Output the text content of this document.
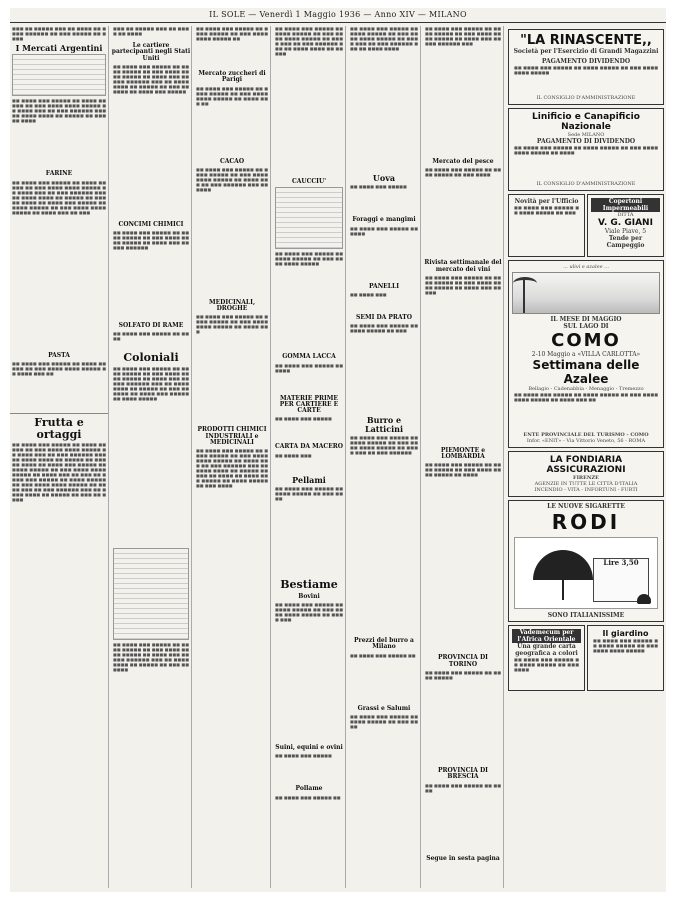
IL SOLE — Venerdì 1 Maggio 1936 — Anno XIV — MILANO
■■■ ■■ ■■■■■ ■■■ ■■ ■■■■ ■■ ■■■■ ■■■■■■ ■■ ■■■ ■■■■■ ■■ ■■■■
I Mercati Argentini
■■ ■■■■ ■■■ ■■■■■ ■■ ■■■■ ■■■■■ ■■ ■■■ ■■■■ ■■■■ ■■■■■ ■■ ■■■■ ■■■ ■■ ■■■ ■■■■■■ ■■■ ■■ ■■■■ ■■■■ ■■ ■■■■■ ■■ ■■■ ■■ ■■■■
FARINE
■■ ■■■■ ■■■ ■■■■■ ■■ ■■■■ ■■■■■ ■■ ■■■ ■■■■ ■■■■ ■■■■■ ■■ ■■■■ ■■■ ■■ ■■■ ■■■■■■ ■■■ ■■ ■■■■ ■■■■ ■■ ■■■■■ ■■ ■■■ ■■ ■■■■ ■■ ■■■■ ■■■ ■■■■■ ■■ ■■■■ ■■■■■ ■■ ■■■ ■■■■ ■■■■ ■■■■■ ■■ ■■■■ ■■■ ■■ ■■■
PASTA
■■ ■■■■ ■■■ ■■■■■ ■■ ■■■■ ■■■■■ ■■ ■■■ ■■■■ ■■■■ ■■■■■ ■■ ■■■■ ■■■ ■■
Frutta e ortaggi
■■ ■■■■ ■■■ ■■■■■ ■■ ■■■■ ■■■■■ ■■ ■■■ ■■■■ ■■■■ ■■■■■ ■■ ■■■■ ■■■ ■■ ■■■ ■■■■■■ ■■■ ■■ ■■■■ ■■■■ ■■ ■■■■■ ■■ ■■■ ■■ ■■■■ ■■ ■■■■ ■■■ ■■■■■ ■■ ■■■■ ■■■■■ ■■ ■■■ ■■■■ ■■■■ ■■■■■ ■■ ■■■■ ■■■ ■■ ■■■ ■■ ■■■■ ■■■ ■■■■■ ■■ ■■■■ ■■■■■ ■■ ■■■ ■■■■ ■■■■ ■■■■■ ■■ ■■■■ ■■■ ■■ ■■■ ■■■■■■ ■■■ ■■ ■■■■ ■■■■ ■■ ■■■■■ ■■ ■■■ ■■ ■■■■
■■■ ■■ ■■■■■ ■■■ ■■ ■■■■ ■■ ■■■■
Le cartiere partecipanti negli Stati Uniti
■■ ■■■■ ■■■ ■■■■■ ■■ ■■■■ ■■■■■ ■■ ■■■ ■■■■ ■■■■ ■■■■■ ■■ ■■■■ ■■■ ■■ ■■■ ■■■■■■ ■■■ ■■ ■■■■ ■■■■ ■■ ■■■■■ ■■ ■■■ ■■ ■■■■ ■■ ■■■■ ■■■ ■■■■■
CONCIMI CHIMICI
■■ ■■■■ ■■■ ■■■■■ ■■ ■■■■ ■■■■■ ■■ ■■■ ■■■■ ■■■■ ■■■■■ ■■ ■■■■ ■■■ ■■ ■■■ ■■■■■■
SOLFATO DI RAME
■■ ■■■■ ■■■ ■■■■■ ■■ ■■■■
Coloniali
■■ ■■■■ ■■■ ■■■■■ ■■ ■■■■ ■■■■■ ■■ ■■■ ■■■■ ■■■■ ■■■■■ ■■ ■■■■ ■■■ ■■ ■■■ ■■■■■■ ■■■ ■■ ■■■■ ■■■■ ■■ ■■■■■ ■■ ■■■ ■■ ■■■■ ■■ ■■■■ ■■■ ■■■■■ ■■ ■■■■ ■■■■■
■■ ■■■■ ■■■ ■■■■■ ■■ ■■■■ ■■■■■ ■■ ■■■ ■■■■ ■■■■ ■■■■■ ■■ ■■■■ ■■■ ■■ ■■■ ■■■■■■ ■■■ ■■ ■■■■ ■■■■ ■■ ■■■■■ ■■ ■■■ ■■ ■■■■
■■ ■■■■ ■■■ ■■■■■ ■■ ■■■■ ■■■■■ ■■ ■■■ ■■■■ ■■■■ ■■■■■ ■■
Mercato zuccheri di Parigi
■■ ■■■■ ■■■ ■■■■■ ■■ ■■■■ ■■■■■ ■■ ■■■ ■■■■ ■■■■ ■■■■■ ■■ ■■■■ ■■■ ■■
CACAO
■■ ■■■■ ■■■ ■■■■■ ■■ ■■■■ ■■■■■ ■■ ■■■ ■■■■ ■■■■ ■■■■■ ■■ ■■■■ ■■■ ■■ ■■■ ■■■■■■ ■■■ ■■ ■■■■
MEDICINALI, DROGHE
■■ ■■■■ ■■■ ■■■■■ ■■ ■■■■ ■■■■■ ■■ ■■■ ■■■■ ■■■■ ■■■■■ ■■ ■■■■ ■■■
PRODOTTI CHIMICI INDUSTRIALI e MEDICINALI
■■ ■■■■ ■■■ ■■■■■ ■■ ■■■■ ■■■■■ ■■ ■■■ ■■■■ ■■■■ ■■■■■ ■■ ■■■■ ■■■ ■■ ■■■ ■■■■■■ ■■■ ■■ ■■■■ ■■■■ ■■ ■■■■■ ■■ ■■■ ■■ ■■■■ ■■ ■■■■ ■■■ ■■■■■ ■■ ■■■■ ■■■■■ ■■ ■■■ ■■■■
■■ ■■■■ ■■■ ■■■■■ ■■ ■■■■ ■■■■■ ■■ ■■■ ■■■■ ■■■■ ■■■■■ ■■ ■■■■ ■■■ ■■ ■■■ ■■■■■■ ■■■ ■■ ■■■■ ■■■■ ■■ ■■■■■
CAUCCIU'
■■ ■■■■ ■■■ ■■■■■ ■■ ■■■■ ■■■■■ ■■ ■■■ ■■■■ ■■■■ ■■■■■
GOMMA LACCA
■■ ■■■■ ■■■ ■■■■■ ■■ ■■■■
MATERIE PRIME PER CARTIERE E CARTE
■■ ■■■■ ■■■ ■■■■■
CARTA DA MACERO
■■ ■■■■ ■■■
Pellami
■■ ■■■■ ■■■ ■■■■■ ■■ ■■■■ ■■■■■ ■■ ■■■ ■■■■
Bestiame
Bovini
■■ ■■■■ ■■■ ■■■■■ ■■ ■■■■ ■■■■■ ■■ ■■■ ■■■■ ■■■■ ■■■■■ ■■ ■■■■ ■■■
Suini, equini e ovini
■■ ■■■■ ■■■ ■■■■■
Pollame
■■ ■■■■ ■■■ ■■■■■ ■■
■■ ■■■■ ■■■ ■■■■■ ■■ ■■■■ ■■■■■ ■■ ■■■ ■■■■ ■■■■ ■■■■■ ■■ ■■■■ ■■■ ■■ ■■■ ■■■■■■ ■■■ ■■ ■■■■ ■■■■
Uova
■■ ■■■■ ■■■ ■■■■■
Foraggi e mangimi
■■ ■■■■ ■■■ ■■■■■ ■■ ■■■■
PANELLI
■■ ■■■■ ■■■
SEMI DA PRATO
■■ ■■■■ ■■■ ■■■■■ ■■ ■■■■ ■■■■■ ■■ ■■■
Burro e Latticini
■■ ■■■■ ■■■ ■■■■■ ■■ ■■■■ ■■■■■ ■■ ■■■ ■■■■ ■■■■ ■■■■■ ■■ ■■■■ ■■■ ■■ ■■■ ■■■■■■
Prezzi del burro a Milano
■■ ■■■■ ■■■ ■■■■■ ■■
Grassi e Salumi
■■ ■■■■ ■■■ ■■■■■ ■■ ■■■■ ■■■■■ ■■ ■■■ ■■■■
■■ ■■■■ ■■■ ■■■■■ ■■ ■■■■ ■■■■■ ■■ ■■■ ■■■■ ■■■■ ■■■■■ ■■ ■■■■ ■■■ ■■ ■■■ ■■■■■■ ■■■
Mercato del pesce
■■ ■■■■ ■■■ ■■■■■ ■■ ■■■■ ■■■■■ ■■ ■■■ ■■■■
Rivista settimanale del mercato dei vini
■■ ■■■■ ■■■ ■■■■■ ■■ ■■■■ ■■■■■ ■■ ■■■ ■■■■ ■■■■ ■■■■■ ■■ ■■■■ ■■■ ■■ ■■■
PIEMONTE e LOMBARDIA
■■ ■■■■ ■■■ ■■■■■ ■■ ■■■■ ■■■■■ ■■ ■■■ ■■■■ ■■■■ ■■■■■ ■■ ■■■■
PROVINCIA DI TORINO
■■ ■■■■ ■■■ ■■■■■ ■■ ■■■■ ■■■■■
PROVINCIA DI BRESCIA
■■ ■■■■ ■■■ ■■■■■ ■■ ■■■■
Segue in sesta pagina
"LA RINASCENTE,,
Società per l'Esercizio di Grandi Magazzini
PAGAMENTO DIVIDENDO
■■ ■■■■ ■■■ ■■■■■ ■■ ■■■■ ■■■■■ ■■ ■■■ ■■■■ ■■■■ ■■■■■
IL CONSIGLIO D'AMMINISTRAZIONE
Linificio e Canapificio Nazionale
Sede MILANO
PAGAMENTO DI DIVIDENDO
■■ ■■■■ ■■■ ■■■■■ ■■ ■■■■ ■■■■■ ■■ ■■■ ■■■■ ■■■■ ■■■■■ ■■ ■■■■
IL CONSIGLIO D'AMMINISTRAZIONE
Novità per l'Ufficio
■■ ■■■■ ■■■ ■■■■■ ■■ ■■■■ ■■■■■ ■■ ■■■
Copertoni Impermeabili
DITTA
V. G. GIANI
Viale Piave, 5
Tende per Campeggio
... ulivi e azalee ...
IL MESE DI MAGGIO
SUL LAGO DI
COMO
2-10 Maggio a «VILLA CARLOTTA»
Settimana delle Azalee
Bellagio - Cadenabbia - Menaggio - Tremezzo
■■ ■■■■ ■■■ ■■■■■ ■■ ■■■■ ■■■■■ ■■ ■■■ ■■■■ ■■■■ ■■■■■ ■■ ■■■■ ■■■ ■■
ENTE PROVINCIALE DEL TURISMO - COMO
Infor. «ENIT» - Via Vittorio Veneto, 56 - ROMA
LA FONDIARIA ASSICURAZIONI
FIRENZE
AGENZIE IN TUTTE LE CITTÀ D'ITALIA
INCENDIO - VITA - INFORTUNI - FURTI
LE NUOVE SIGARETTE
RODI
Lire 3,50
SONO ITALIANISSIME
Vademecum per l'Africa Orientale
Una grande carta geografica a colori
■■ ■■■■ ■■■ ■■■■■ ■■ ■■■■ ■■■■■ ■■ ■■■ ■■■■
Il giardino
■■ ■■■■ ■■■ ■■■■■ ■■ ■■■■ ■■■■■ ■■ ■■■ ■■■■ ■■■■ ■■■■■
